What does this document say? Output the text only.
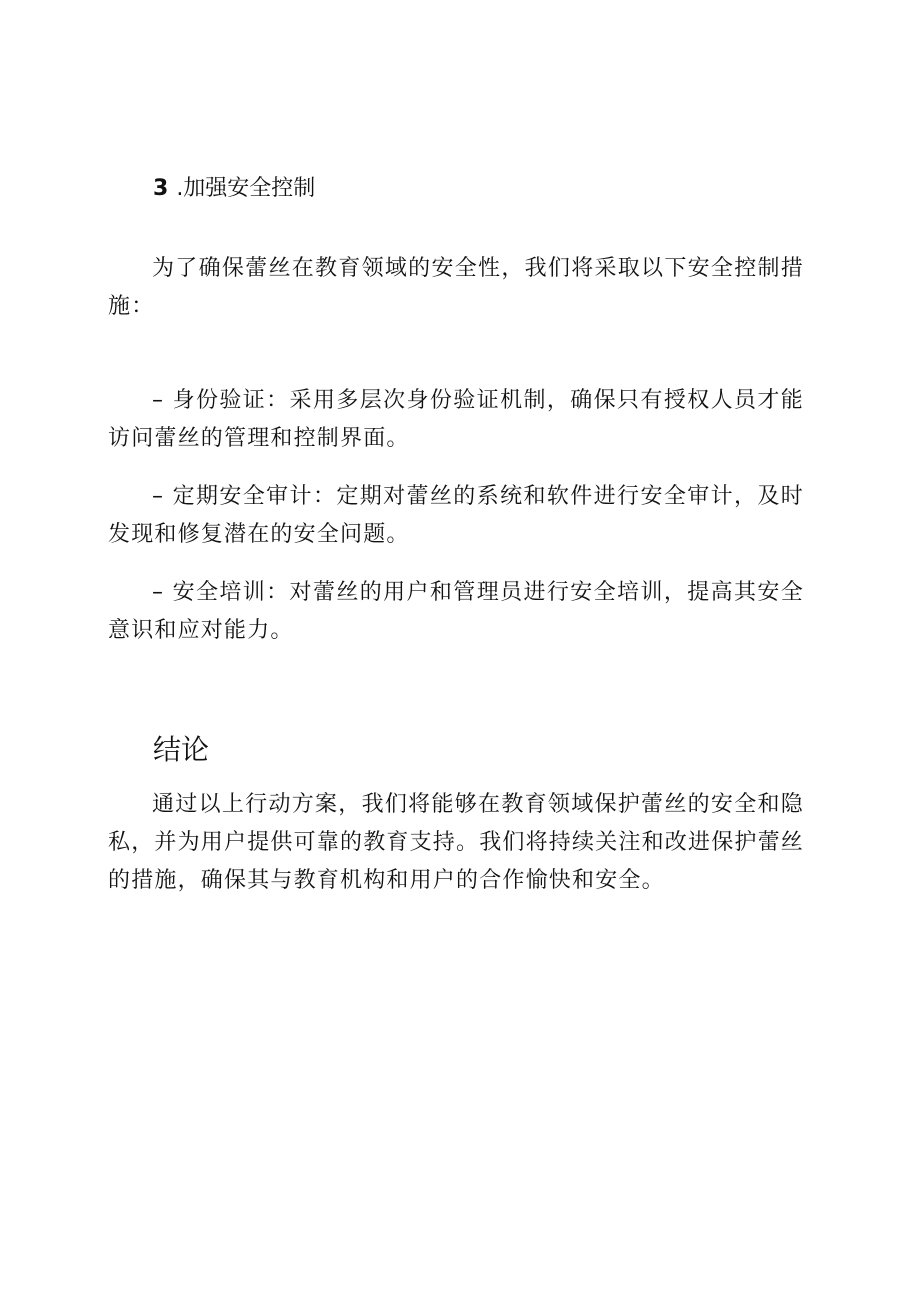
3 .加强安全控制

为了确保蕾丝在教育领域的安全性，我们将采取以下安全控制措施：

– 身份验证：采用多层次身份验证机制，确保只有授权人员才能访问蕾丝的管理和控制界面。

– 定期安全审计：定期对蕾丝的系统和软件进行安全审计，及时发现和修复潜在的安全问题。

– 安全培训：对蕾丝的用户和管理员进行安全培训，提高其安全意识和应对能力。

结论

通过以上行动方案，我们将能够在教育领域保护蕾丝的安全和隐私，并为用户提供可靠的教育支持。我们将持续关注和改进保护蕾丝的措施，确保其与教育机构和用户的合作愉快和安全。
